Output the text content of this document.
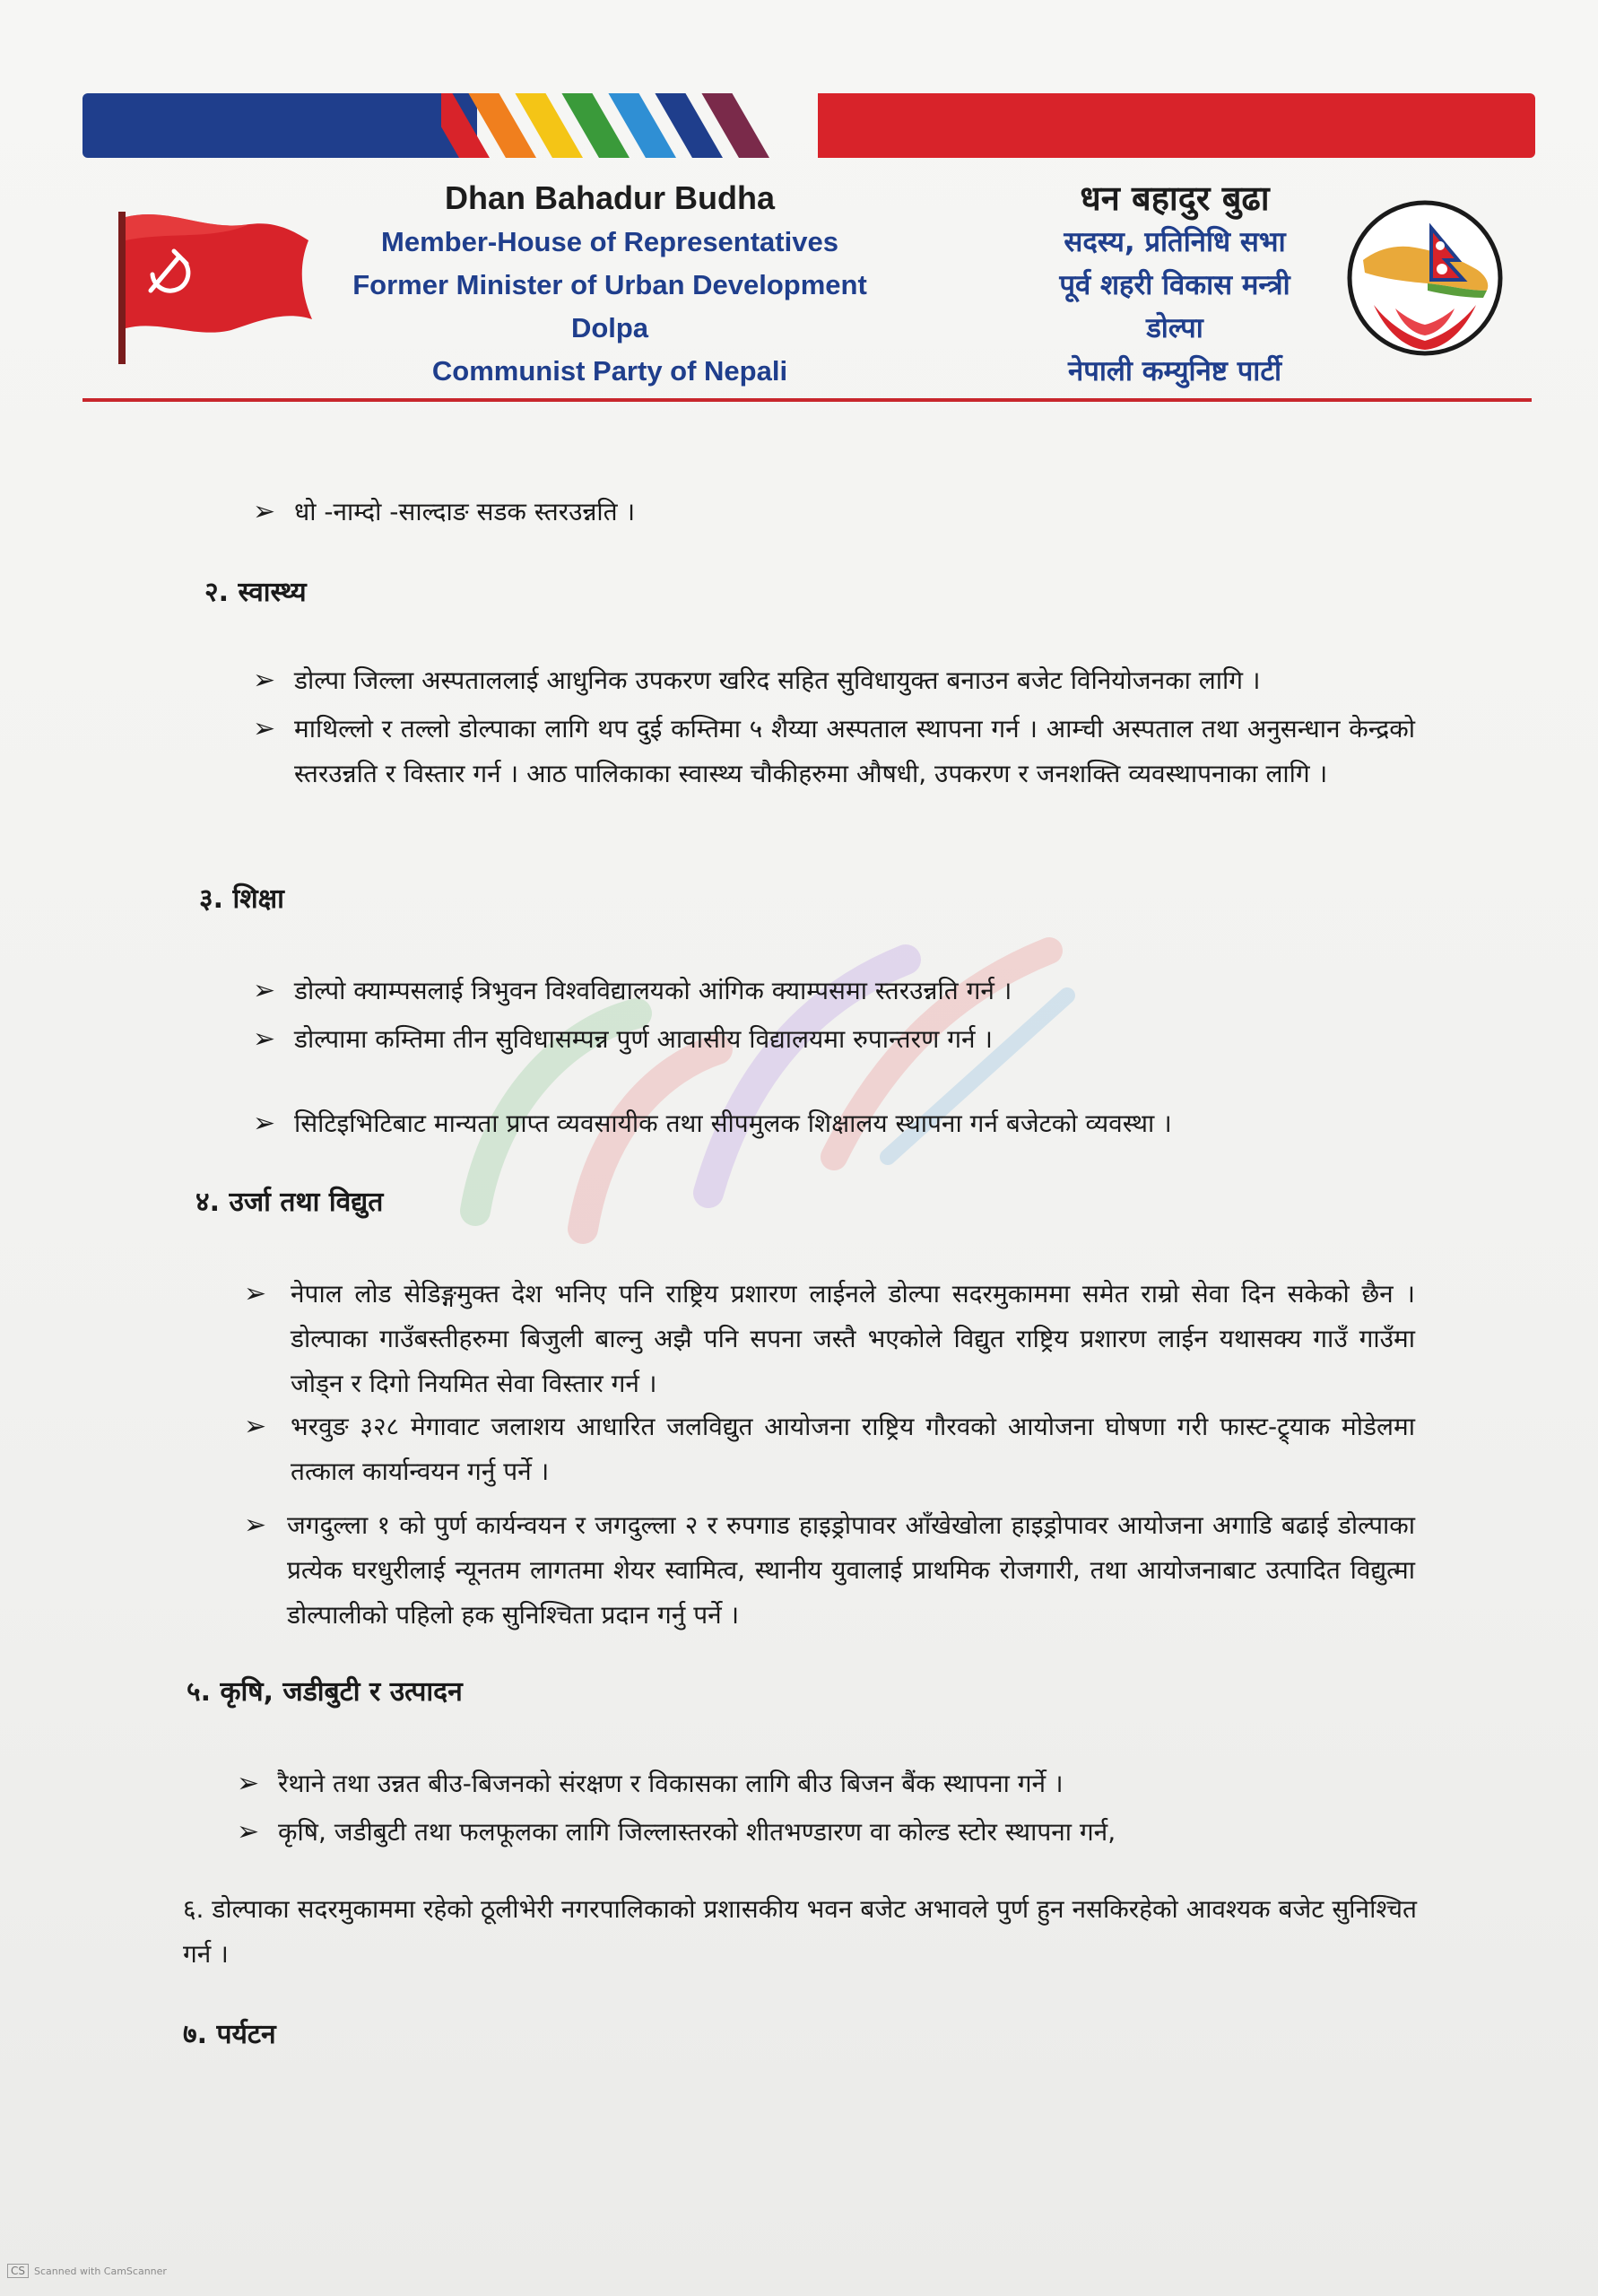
Dhan Bahadur Budha
Member-House of Representatives
Former Minister of Urban Development
Dolpa
Communist Party of Nepali
धन बहादुर बुढा
सदस्य, प्रतिनिधि सभा
पूर्व शहरी विकास मन्त्री
डोल्पा
नेपाली कम्युनिष्ट पार्टी
➢ धो -नाम्दो -साल्दाङ सडक स्तरउन्नति ।
२. स्वास्थ्य
➢ डोल्पा जिल्ला अस्पताललाई आधुनिक उपकरण खरिद सहित सुविधायुक्त बनाउन बजेट विनियोजनका लागि ।
➢ माथिल्लो र तल्लो डोल्पाका लागि थप दुई कम्तिमा ५ शैय्या अस्पताल स्थापना गर्न । आम्ची अस्पताल तथा अनुसन्धान केन्द्रको स्तरउन्नति र विस्तार गर्न । आठ पालिकाका स्वास्थ्य चौकीहरुमा औषधी, उपकरण र जनशक्ति व्यवस्थापनाका लागि ।
३. शिक्षा
➢ डोल्पो क्याम्पसलाई त्रिभुवन विश्वविद्यालयको आंगिक क्याम्पसमा स्तरउन्नति गर्न ।
➢ डोल्पामा कम्तिमा तीन सुविधासम्पन्न पुर्ण आवासीय विद्यालयमा रुपान्तरण गर्न ।
➢ सिटिइभिटिबाट मान्यता प्राप्त व्यवसायीक तथा सीपमुलक शिक्षालय स्थापना गर्न बजेटको व्यवस्था ।
४. उर्जा तथा विद्युत
➢ नेपाल लोड सेडिङ्गमुक्त देश भनिए पनि राष्ट्रिय प्रशारण लाईनले डोल्पा सदरमुकाममा समेत राम्रो सेवा दिन सकेको छैन । डोल्पाका गाउँबस्तीहरुमा बिजुली बाल्नु अझै पनि सपना जस्तै भएकोले विद्युत राष्ट्रिय प्रशारण लाईन यथासक्य गाउँ गाउँमा जोड्न र दिगो नियमित सेवा विस्तार गर्न ।
➢ भरवुङ ३२८ मेगावाट जलाशय आधारित जलविद्युत आयोजना राष्ट्रिय गौरवको आयोजना घोषणा गरी फास्ट-ट्र्याक मोडेलमा तत्काल कार्यान्वयन गर्नु पर्ने ।
➢ जगदुल्ला १ को पुर्ण कार्यन्वयन र जगदुल्ला २ र रुपगाड हाइड्रोपावर आँखेखोला हाइड्रोपावर आयोजना अगाडि बढाई डोल्पाका प्रत्येक घरधुरीलाई न्यूनतम लागतमा शेयर स्वामित्व, स्थानीय युवालाई प्राथमिक रोजगारी, तथा आयोजनाबाट उत्पादित विद्युत्मा डोल्पालीको पहिलो हक सुनिश्चिता प्रदान गर्नु पर्ने ।
५. कृषि, जडीबुटी र उत्पादन
➢ रैथाने तथा उन्नत बीउ-बिजनको संरक्षण र विकासका लागि बीउ बिजन बैंक स्थापना गर्ने ।
➢ कृषि, जडीबुटी तथा फलफूलका लागि जिल्लास्तरको शीतभण्डारण वा कोल्ड स्टोर स्थापना गर्न,
६. डोल्पाका सदरमुकाममा रहेको ठूलीभेरी नगरपालिकाको प्रशासकीय भवन बजेट अभावले पुर्ण हुन नसकिरहेको आवश्यक बजेट सुनिश्चित गर्न ।
७. पर्यटन
CS Scanned with CamScanner
